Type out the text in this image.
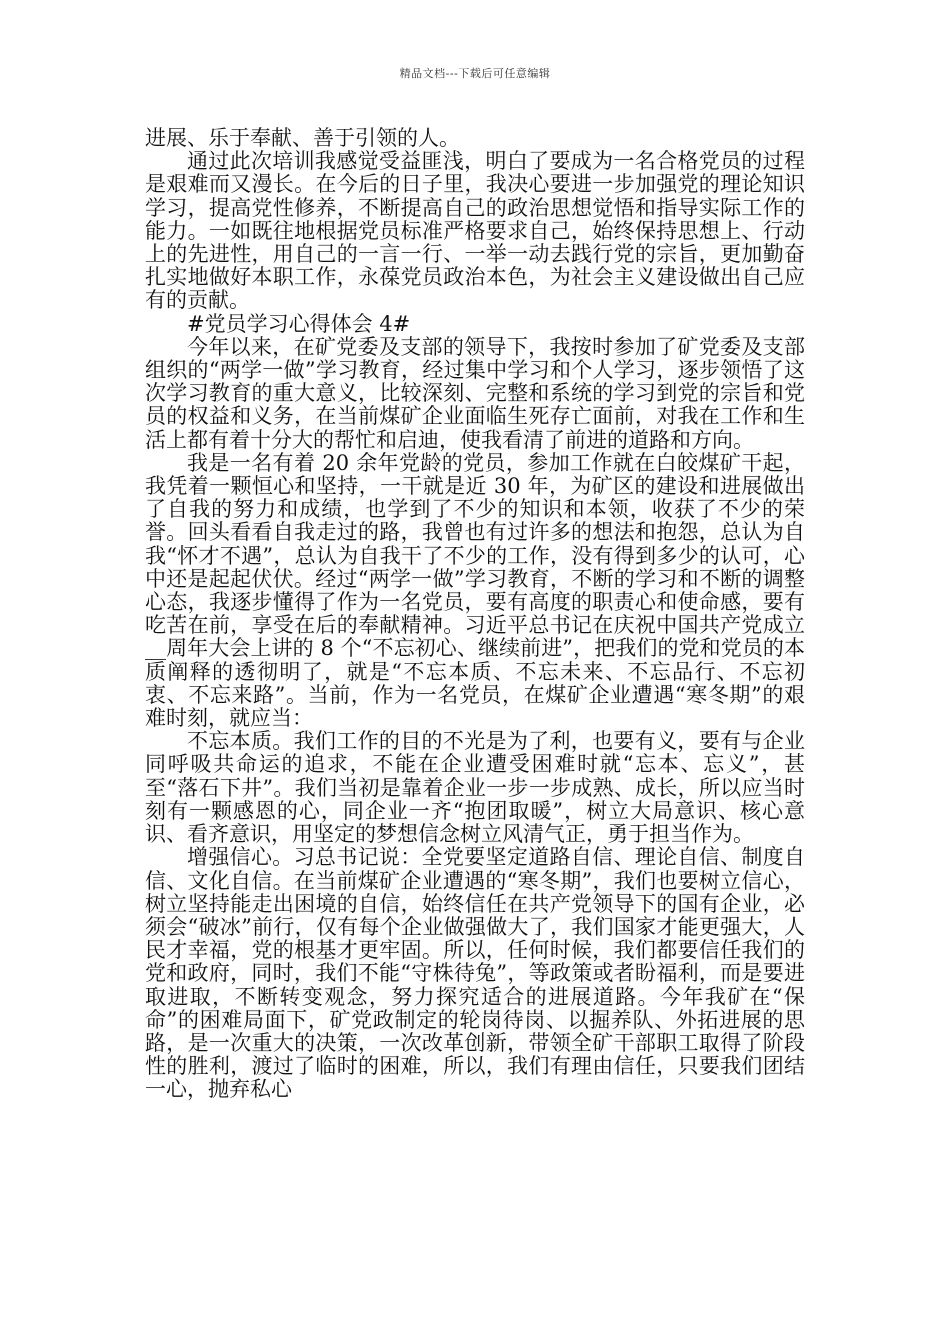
精品文档---下载后可任意编辑

进展、乐于奉献、善于引领的人。

通过此次培训我感觉受益匪浅，明白了要成为一名合格党员的过程是艰难而又漫长。在今后的日子里，我决心要进一步加强党的理论知识学习，提高党性修养，不断提高自己的政治思想觉悟和指导实际工作的能力。一如既往地根据党员标准严格要求自己，始终保持思想上、行动上的先进性，用自己的一言一行、一举一动去践行党的宗旨，更加勤奋扎实地做好本职工作，永葆党员政治本色，为社会主义建设做出自己应有的贡献。

#党员学习心得体会 4#

今年以来，在矿党委及支部的领导下，我按时参加了矿党委及支部组织的“两学一做”学习教育，经过集中学习和个人学习，逐步领悟了这次学习教育的重大意义，比较深刻、完整和系统的学习到党的宗旨和党员的权益和义务，在当前煤矿企业面临生死存亡面前，对我在工作和生活上都有着十分大的帮忙和启迪，使我看清了前进的道路和方向。

我是一名有着 20 余年党龄的党员，参加工作就在白皎煤矿干起，我凭着一颗恒心和坚持，一干就是近 30 年，为矿区的建设和进展做出了自我的努力和成绩，也学到了不少的知识和本领，收获了不少的荣誉。回头看看自我走过的路，我曾也有过许多的想法和抱怨，总认为自我“怀才不遇”，总认为自我干了不少的工作，没有得到多少的认可，心中还是起起伏伏。经过“两学一做”学习教育，不断的学习和不断的调整心态，我逐步懂得了作为一名党员，要有高度的职责心和使命感，要有吃苦在前，享受在后的奉献精神。习近平总书记在庆祝中国共产党成立__周年大会上讲的 8 个“不忘初心、继续前进”，把我们的党和党员的本质阐释的透彻明了，就是“不忘本质、不忘未来、不忘品行、不忘初衷、不忘来路”。当前，作为一名党员，在煤矿企业遭遇“寒冬期”的艰难时刻，就应当：

不忘本质。我们工作的目的不光是为了利，也要有义，要有与企业同呼吸共命运的追求，不能在企业遭受困难时就“忘本、忘义”，甚至“落石下井”。我们当初是靠着企业一步一步成熟、成长，所以应当时刻有一颗感恩的心，同企业一齐“抱团取暖”，树立大局意识、核心意识、看齐意识，用坚定的梦想信念树立风清气正，勇于担当作为。

增强信心。习总书记说：全党要坚定道路自信、理论自信、制度自信、文化自信。在当前煤矿企业遭遇的“寒冬期”，我们也要树立信心，树立坚持能走出困境的自信，始终信任在共产党领导下的国有企业，必须会“破冰”前行，仅有每个企业做强做大了，我们国家才能更强大，人民才幸福，党的根基才更牢固。所以，任何时候，我们都要信任我们的党和政府，同时，我们不能“守株待兔”，等政策或者盼福利，而是要进取进取，不断转变观念，努力探究适合的进展道路。今年我矿在“保命”的困难局面下，矿党政制定的轮岗待岗、以掘养队、外拓进展的思路，是一次重大的决策，一次改革创新，带领全矿干部职工取得了阶段性的胜利，渡过了临时的困难，所以，我们有理由信任，只要我们团结一心，抛弃私心
